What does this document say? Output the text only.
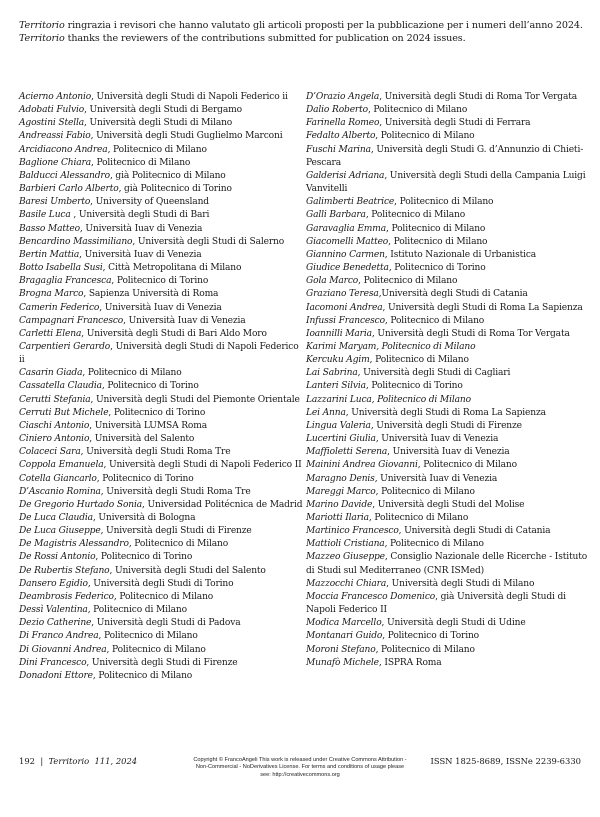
Territorio ringrazia i revisori che hanno valutato gli articoli proposti per la pubblicazione per i numeri dell’anno 2024.

Territorio thanks the reviewers of the contributions submitted for publication on 2024 issues.

Acierno Antonio, Università degli Studi di Napoli Federico ii

Adobati Fulvio, Università degli Studi di Bergamo

Agostini Stella, Università degli Studi di Milano

Andreassi Fabio, Università degli Studi Guglielmo Marconi

Arcidiacono Andrea, Politecnico di Milano

Baglione Chiara, Politecnico di Milano

Balducci Alessandro, già Politecnico di Milano

Barbieri Carlo Alberto, già Politecnico di Torino

Baresi Umberto, University of Queensland

Basile Luca , Università degli Studi di Bari

Basso Matteo, Università Iuav di Venezia

Bencardino Massimiliano, Università degli Studi di Salerno

Bertin Mattia, Università Iuav di Venezia

Botto Isabella Susi, Città Metropolitana di Milano

Bragaglia Francesca, Politecnico di Torino

Brogna Marco, Sapienza Università di Roma

Camerin Federico, Università Iuav di Venezia

Campagnari Francesco, Università Iuav di Venezia

Carletti Elena, Università degli Studi di Bari Aldo Moro

Carpentieri Gerardo, Università degli Studi di Napoli Federico ii

Casarin Giada, Politecnico di Milano

Cassatella Claudia, Politecnico di Torino

Cerutti Stefania, Università degli Studi del Piemonte Orientale

Cerruti But Michele, Politecnico di Torino

Ciaschi Antonio, Università LUMSA Roma

Ciniero Antonio, Università del Salento

Colaceci Sara, Università degli Studi Roma Tre

Coppola Emanuela, Università degli Studi di Napoli Federico II

Cotella Giancarlo, Politecnico di Torino

D’Ascanio Romina, Università degli Studi Roma Tre

De Gregorio Hurtado Sonia, Universidad Politécnica de Madrid

De Luca Claudia, Università di Bologna

De Luca Giuseppe, Università degli Studi di Firenze

De Magistris Alessandro, Politecnico di Milano

De Rossi Antonio, Politecnico di Torino

De Rubertis Stefano, Università degli Studi del Salento

Dansero Egidio, Università degli Studi di Torino

Deambrosis Federico, Politecnico di Milano

Dessì Valentina, Politecnico di Milano

Dezio Catherine, Università degli Studi di Padova

Di Franco Andrea, Politecnico di Milano

Di Giovanni Andrea, Politecnico di Milano

Dini Francesco, Università degli Studi di Firenze

Donadoni Ettore, Politecnico di Milano

D’Orazio Angela, Università degli Studi di Roma Tor Vergata

Dalio Roberto, Politecnico di Milano

Farinella Romeo, Università degli Studi di Ferrara

Fedalto Alberto, Politecnico di Milano

Fuschi Marina, Università degli Studi G. d’Annunzio di Chieti-Pescara

Galderisi Adriana, Università degli Studi della Campania Luigi Vanvitelli

Galimberti Beatrice, Politecnico di Milano

Galli Barbara, Politecnico di Milano

Garavaglia Emma, Politecnico di Milano

Giacomelli Matteo, Politecnico di Milano

Giannino Carmen, Istituto Nazionale di Urbanistica

Giudice Benedetta, Politecnico di Torino

Gola Marco, Politecnico di Milano

Graziano Teresa,Università degli Studi di Catania

Iacomoni Andrea, Università degli Studi di Roma La Sapienza

Infussi Francesco, Politecnico di Milano

Ioannilli Maria, Università degli Studi di Roma Tor Vergata

Karimi Maryam, Politecnico di Milano

Kercuku Agim, Politecnico di Milano

Lai Sabrina, Università degli Studi di Cagliari

Lanteri Silvia, Politecnico di Torino

Lazzarini Luca, Politecnico di Milano

Lei Anna, Università degli Studi di Roma La Sapienza

Lingua Valeria, Università degli Studi di Firenze

Lucertini Giulia, Università Iuav di Venezia

Maffioletti Serena, Università Iuav di Venezia

Mainini Andrea Giovanni, Politecnico di Milano

Maragno Denis, Università Iuav di Venezia

Mareggi Marco, Politecnico di Milano

Marino Davide, Università degli Studi del Molise

Mariotti Ilaria, Politecnico di Milano

Martinico Francesco, Università degli Studi di Catania

Mattioli Cristiana, Politecnico di Milano

Mazzeo Giuseppe, Consiglio Nazionale delle Ricerche - Istituto di Studi sul Mediterraneo (CNR ISMed)

Mazzocchi Chiara, Università degli Studi di Milano

Moccia Francesco Domenico, già Università degli Studi di Napoli Federico II

Modica Marcello, Università degli Studi di Udine

Montanari Guido, Politecnico di Torino

Moroni Stefano, Politecnico di Milano

Munafò Michele, ISPRA Roma

192  |  Territorio  111, 2024	Copyright © FrancoAngeli This work is released under Creative Commons Attribution - Non-Commercial - NoDerivatives License. For terms and conditions of usage please see: http://creativecommons.org
ISSN 1825-8689, ISSNe 2239-6330
